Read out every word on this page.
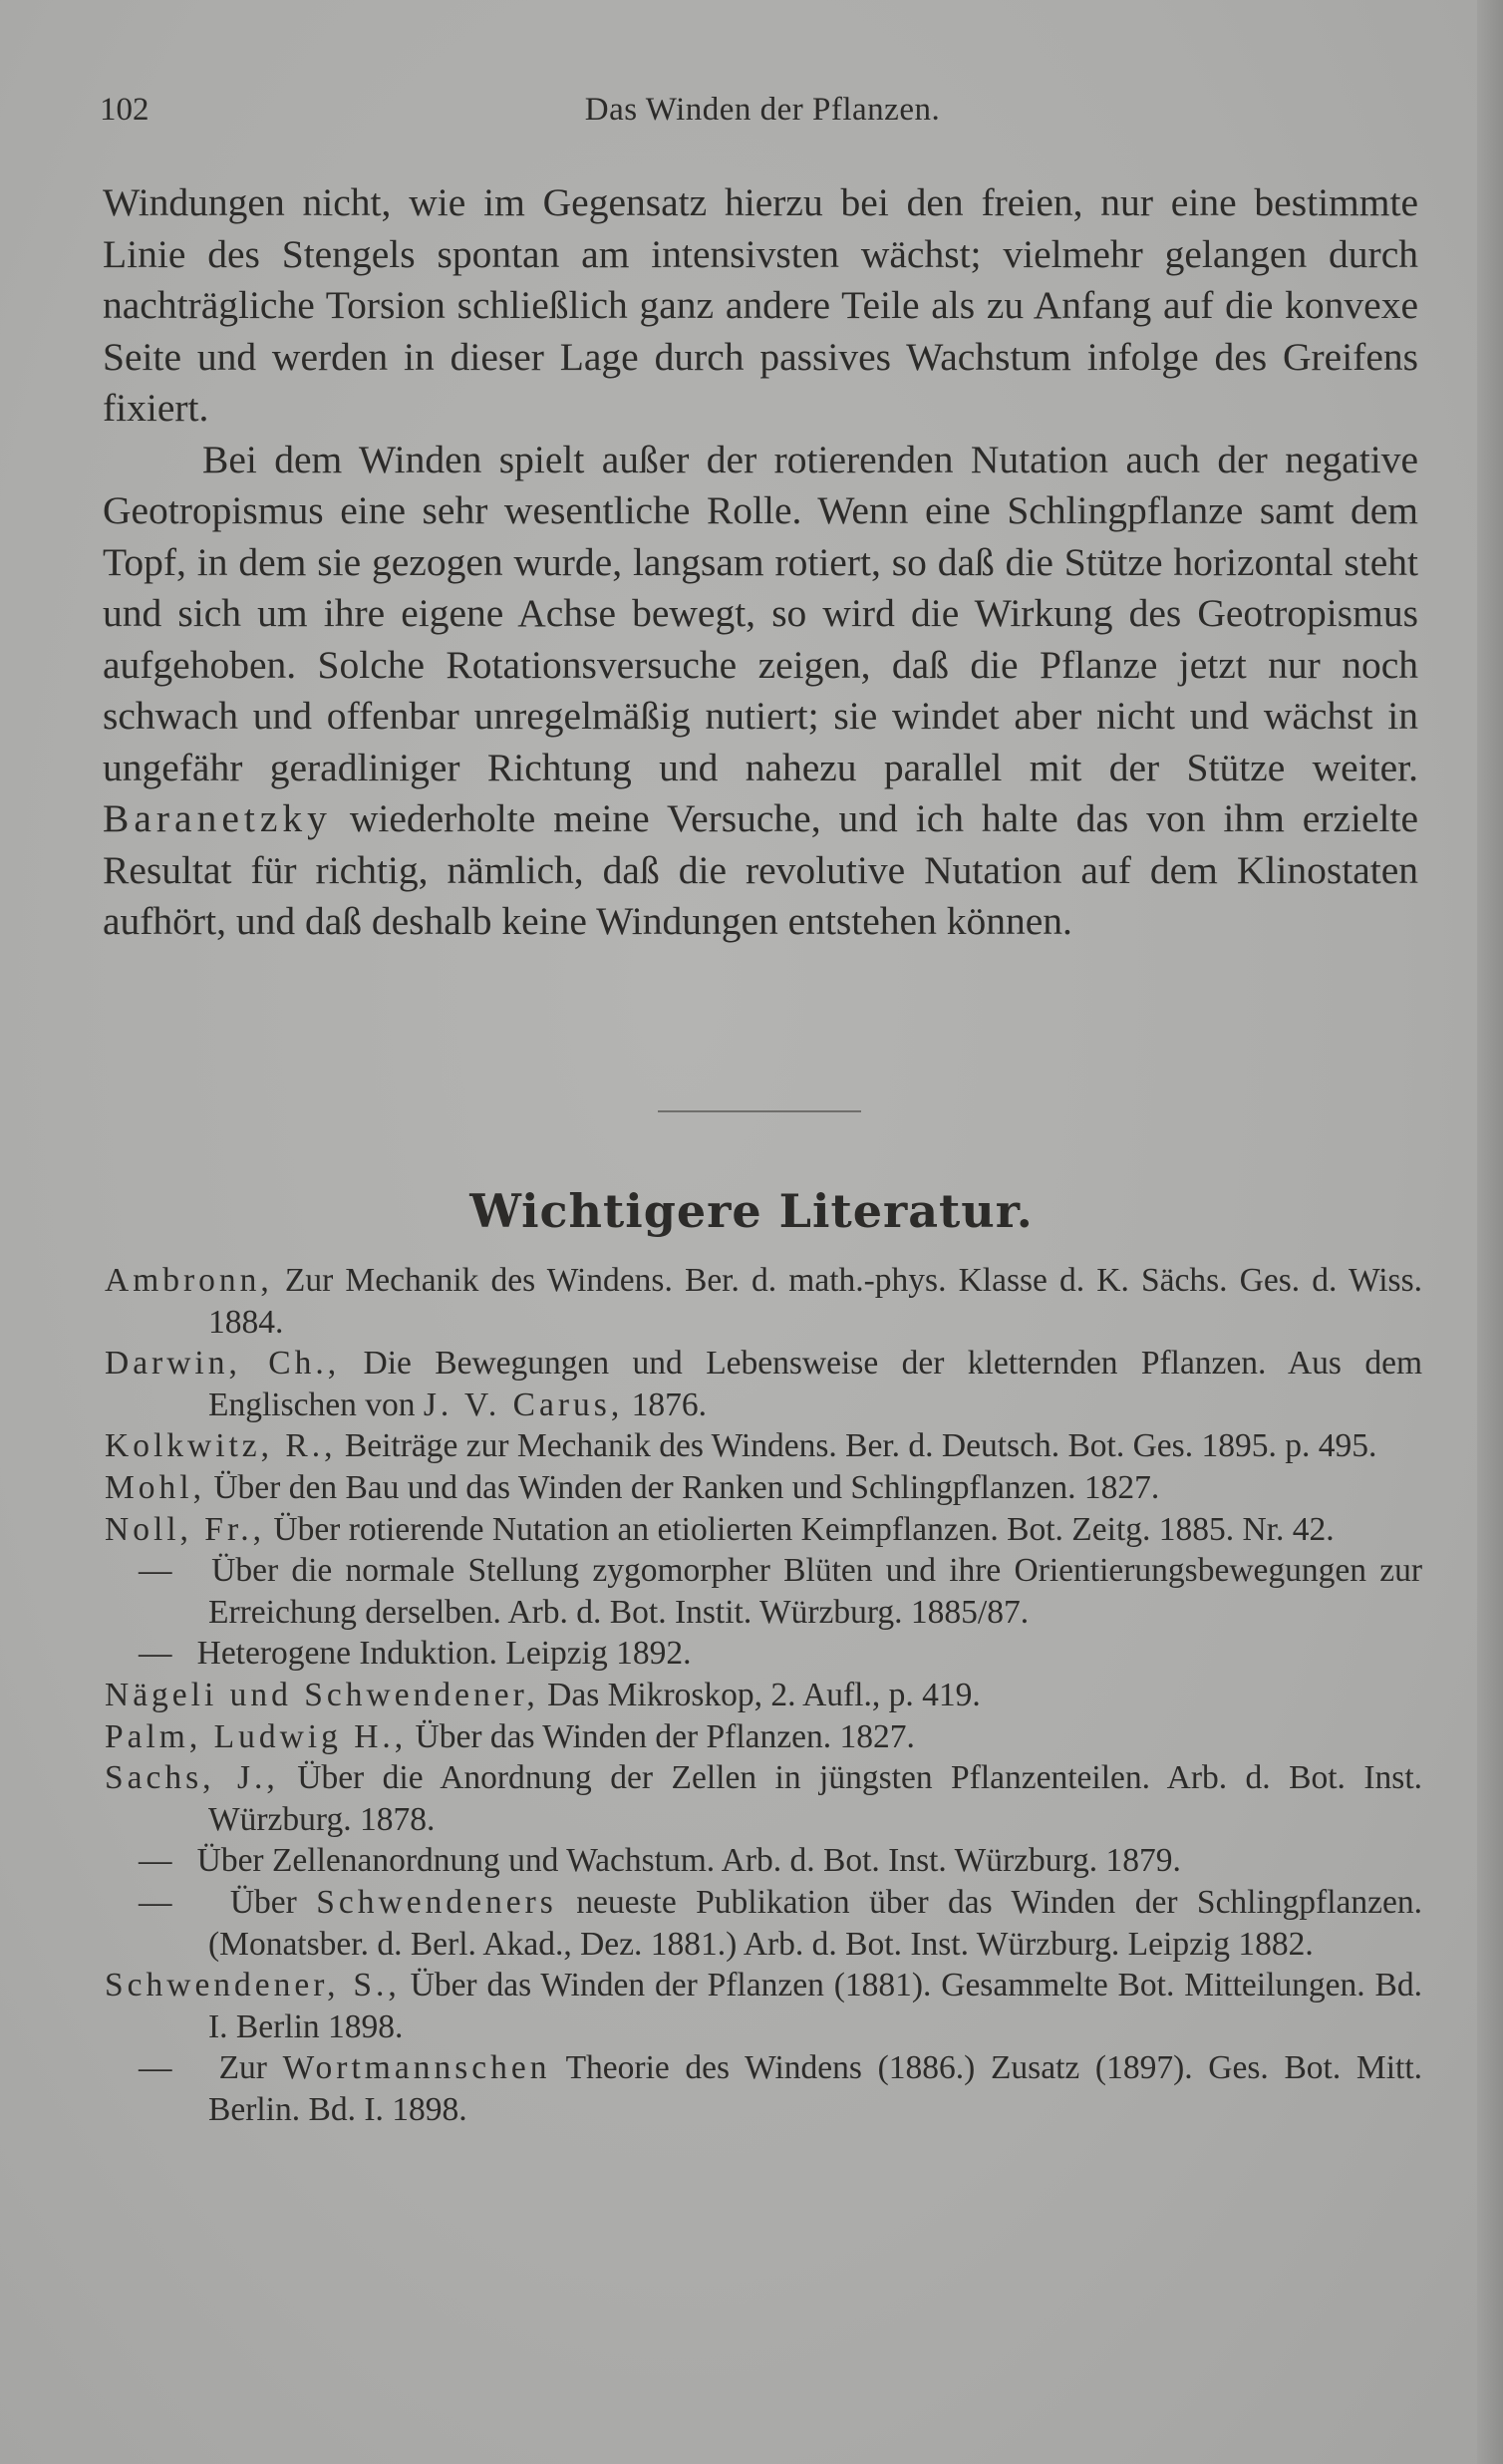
102	Das Winden der Pflanzen.

Windungen nicht, wie im Gegensatz hierzu bei den freien, nur eine bestimmte Linie des Stengels spontan am intensivsten wächst; vielmehr gelangen durch nachträgliche Torsion schließlich ganz andere Teile als zu Anfang auf die konvexe Seite und werden in dieser Lage durch passives Wachstum infolge des Greifens fixiert.

Bei dem Winden spielt außer der rotierenden Nutation auch der negative Geotropismus eine sehr wesentliche Rolle. Wenn eine Schlingpflanze samt dem Topf, in dem sie gezogen wurde, langsam rotiert, so daß die Stütze horizontal steht und sich um ihre eigene Achse bewegt, so wird die Wirkung des Geotropismus aufgehoben. Solche Rotationsversuche zeigen, daß die Pflanze jetzt nur noch schwach und offenbar unregelmäßig nutiert; sie windet aber nicht und wächst in ungefähr geradliniger Richtung und nahezu parallel mit der Stütze weiter. Baranetzky wiederholte meine Versuche, und ich halte das von ihm erzielte Resultat für richtig, nämlich, daß die revolutive Nutation auf dem Klinostaten aufhört, und daß deshalb keine Windungen entstehen können.

Wichtigere Literatur.

Ambronn, Zur Mechanik des Windens. Ber. d. math.-phys. Klasse d. K. Sächs. Ges. d. Wiss. 1884.

Darwin, Ch., Die Bewegungen und Lebensweise der kletternden Pflanzen. Aus dem Englischen von J. V. Carus, 1876.

Kolkwitz, R., Beiträge zur Mechanik des Windens. Ber. d. Deutsch. Bot. Ges. 1895. p. 495.

Mohl, Über den Bau und das Winden der Ranken und Schlingpflanzen. 1827.

Noll, Fr., Über rotierende Nutation an etiolierten Keimpflanzen. Bot. Zeitg. 1885. Nr. 42.

— Über die normale Stellung zygomorpher Blüten und ihre Orientierungsbewegungen zur Erreichung derselben. Arb. d. Bot. Instit. Würzburg. 1885/87.

— Heterogene Induktion. Leipzig 1892.

Nägeli und Schwendener, Das Mikroskop, 2. Aufl., p. 419.

Palm, Ludwig H., Über das Winden der Pflanzen. 1827.

Sachs, J., Über die Anordnung der Zellen in jüngsten Pflanzenteilen. Arb. d. Bot. Inst. Würzburg. 1878.

— Über Zellenanordnung und Wachstum. Arb. d. Bot. Inst. Würzburg. 1879.

— Über Schwendeners neueste Publikation über das Winden der Schlingpflanzen. (Monatsber. d. Berl. Akad., Dez. 1881.) Arb. d. Bot. Inst. Würzburg. Leipzig 1882.

Schwendener, S., Über das Winden der Pflanzen (1881). Gesammelte Bot. Mitteilungen. Bd. I. Berlin 1898.

— Zur Wortmannschen Theorie des Windens (1886.) Zusatz (1897). Ges. Bot. Mitt. Berlin. Bd. I. 1898.
